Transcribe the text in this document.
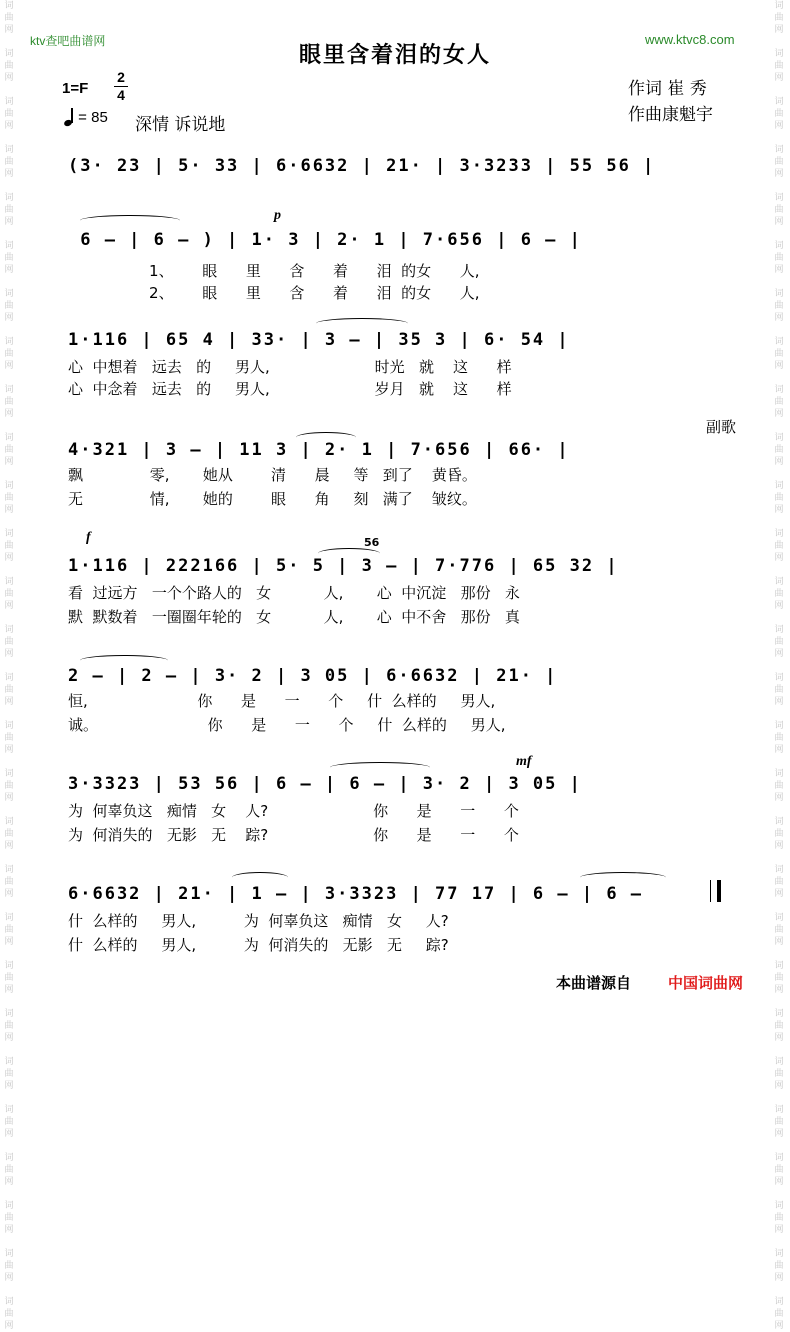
ktv查吧曲谱网	www.ktvc8.com
眼里含着泪的女人
1=F
2
4	作词 崔 秀
作曲康魁宇
= 85 深情 诉说地
副歌
p
f
mf
56
(3· 23 | 5· 33 | 6·6632 | 21· | 3·3233 | 55 56 |
6 — | 6 — ) | 1· 3 | 2· 1 | 7·656 | 6 — |
1、      眼      里      含      着      泪  的女      人,
2、      眼      里      含      着      泪  的女      人,
1·116 | 65 4 | 33· | 3 — | 35 3 | 6· 54 |
心  中想着   远去   的     男人,                      时光   就    这      样
心  中念着   远去   的     男人,                      岁月   就    这      样
4·321 | 3 — | 11 3 | 2· 1 | 7·656 | 66· |
飘              零,       她从        清      晨     等   到了    黄昏。
无              情,       她的        眼      角     刻   满了    皱纹。
1·116 | 222166 | 5· 5 | 3 — | 7·776 | 65 32 |
看  过远方   一个个路人的   女           人,       心  中沉淀   那份   永
默  默数着   一圈圈年轮的   女           人,       心  中不舍   那份   真
2 — | 2 — | 3· 2 | 3 05 | 6·6632 | 21· |
恒,                       你      是      一      个     什  么样的     男人,
诚。                       你      是      一      个     什  么样的     男人,
3·3323 | 53 56 | 6 — | 6 — | 3· 2 | 3 05 |
为  何辜负这   痴情   女    人?                      你      是      一      个
为  何消失的   无影   无    踪?                      你      是      一      个
6·6632 | 21· | 1 — | 3·3323 | 77 17 | 6 — | 6 —
什  么样的     男人,          为  何辜负这   痴情   女     人?
什  么样的     男人,          为  何消失的   无影   无     踪?
本曲谱源自 中国词曲网
词
曲
网

词
曲
网

词
曲
网

词
曲
网

词
曲
网

词
曲
网

词
曲
网

词
曲
网

词
曲
网

词
曲
网

词
曲
网

词
曲
网

词
曲
网

词
曲
网

词
曲
网

词
曲
网

词
曲
网

词
曲
网

词
曲
网

词
曲
网

词
曲
网

词
曲
网

词
曲
网

词
曲
网

词
曲
网

词
曲
网

词
曲
网

词
曲
网

词
曲
网

词
曲
网

词
曲
网

词
曲
网

词
曲
网

词
曲
网

词
曲
网

词
曲
网

词
曲
网

词
曲
网

词
曲
网

词
曲
网

词
曲
网

词
曲
网

词
曲
网

词
曲
网

词
曲
网

词
曲
网

词
曲
网

词
曲
网

词
曲
网

词
曲
网

词
曲
网

词
曲
网

词
曲
网

词
曲
网

词
曲
网

词
曲
网
